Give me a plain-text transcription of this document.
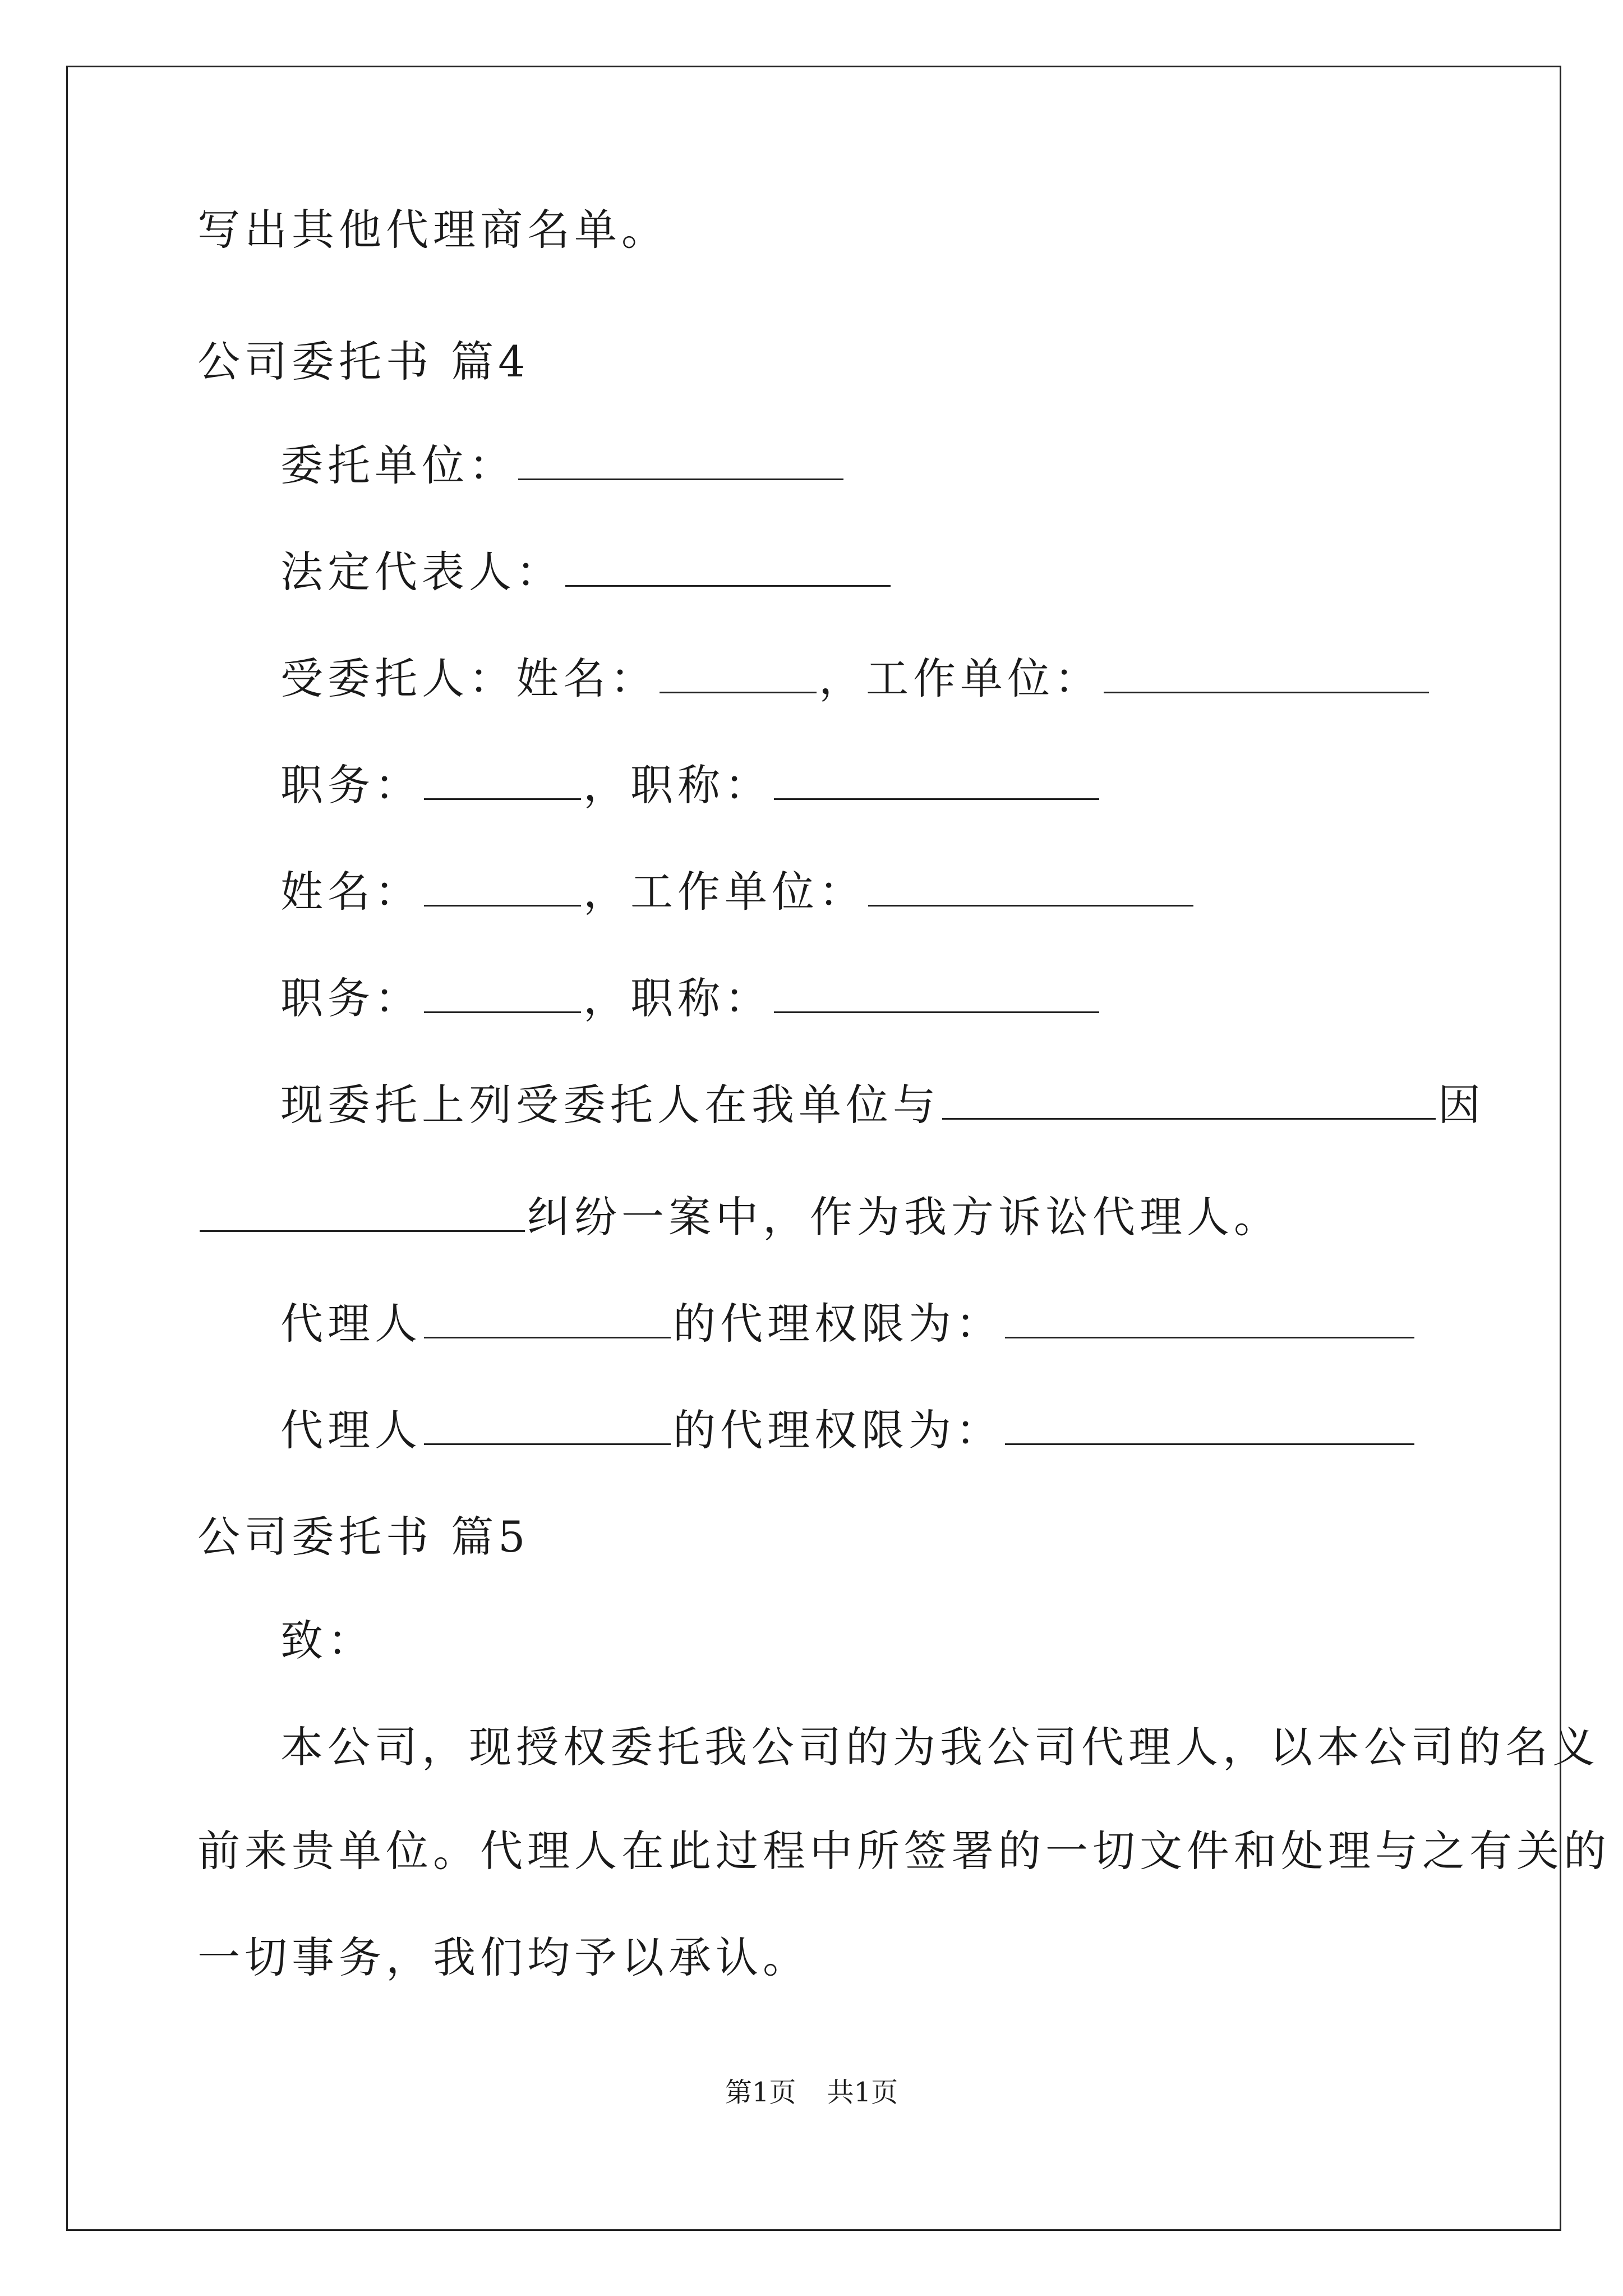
写出其他代理商名单。
公司委托书 篇4
委托单位：
法定代表人：
受委托人：姓名：	，工作单位：
职务：	，职称：
姓名：	，工作单位：
职务：	，职称：
现委托上列受委托人在我单位与	因
纠纷一案中，作为我方诉讼代理人。
代理人	的代理权限为：
代理人	的代理权限为：
公司委托书 篇5
致：
本公司，现授权委托我公司的为我公司代理人，以本公司的名义
前来贵单位。代理人在此过程中所签署的一切文件和处理与之有关的
一切事务，我们均予以承认。
第1页 共1页
